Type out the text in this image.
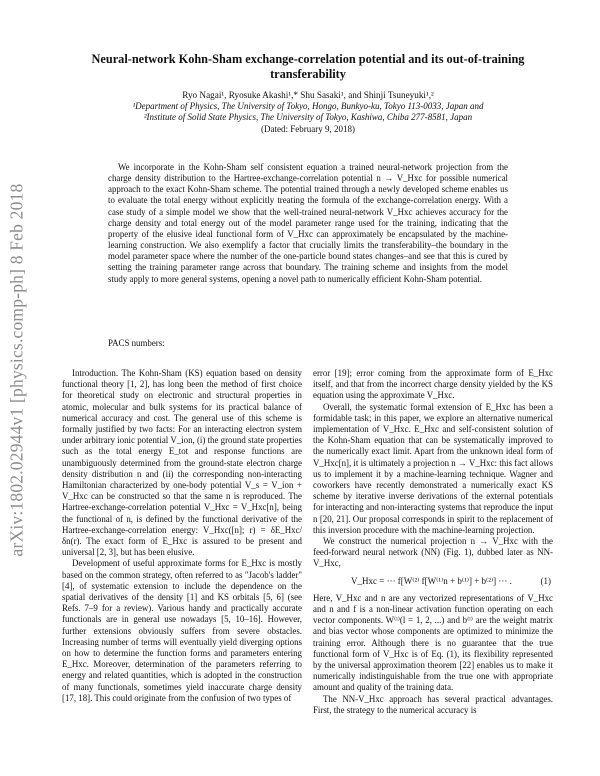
arXiv:1802.02944v1 [physics.comp-ph] 8 Feb 2018
Neural-network Kohn-Sham exchange-correlation potential and its out-of-training transferability
Ryo Nagai¹, Ryosuke Akashi¹,* Shu Sasaki¹, and Shinji Tsuneyuki¹,²
¹Department of Physics, The University of Tokyo, Hongo, Bunkyo-ku, Tokyo 113-0033, Japan and
²Institute of Solid State Physics, The University of Tokyo, Kashiwa, Chiba 277-8581, Japan
(Dated: February 9, 2018)
We incorporate in the Kohn-Sham self consistent equation a trained neural-network projection from the charge density distribution to the Hartree-exchange-correlation potential n → V_Hxc for possible numerical approach to the exact Kohn-Sham scheme. The potential trained through a newly developed scheme enables us to evaluate the total energy without explicitly treating the formula of the exchange-correlation energy. With a case study of a simple model we show that the well-trained neural-network V_Hxc achieves accuracy for the charge density and total energy out of the model parameter range used for the training, indicating that the property of the elusive ideal functional form of V_Hxc can approximately be encapsulated by the machine-learning construction. We also exemplify a factor that crucially limits the transferability–the boundary in the model parameter space where the number of the one-particle bound states changes–and see that this is cured by setting the training parameter range across that boundary. The training scheme and insights from the model study apply to more general systems, opening a novel path to numerically efficient Kohn-Sham potential.
PACS numbers:

Introduction. The Kohn-Sham (KS) equation based on density functional theory [1, 2], has long been the method of first choice for theoretical study on electronic and structural properties in atomic, molecular and bulk systems for its practical balance of numerical accuracy and cost. The general use of this scheme is formally justified by two facts: For an interacting electron system under arbitrary ionic potential V_ion, (i) the ground state properties such as the total energy E_tot and response functions are unambiguously determined from the ground-state electron charge density distribution n and (ii) the corresponding non-interacting Hamiltonian characterized by one-body potential V_s = V_ion + V_Hxc can be constructed so that the same n is reproduced. The Hartree-exchange-correlation potential V_Hxc = V_Hxc[n], being the functional of n, is defined by the functional derivative of the Hartree-exchange-correlation energy: V_Hxc([n]; r) = δE_Hxc/δn(r). The exact form of E_Hxc is assured to be present and universal [2, 3], but has been elusive.

Development of useful approximate forms for E_Hxc is mostly based on the common strategy, often referred to as "Jacob's ladder" [4], of systematic extension to include the dependence on the spatial derivatives of the density [1] and KS orbitals [5, 6] (see Refs. 7–9 for a review). Various handy and practically accurate functionals are in general use nowadays [5, 10–16]. However, further extensions obviously suffers from severe obstacles. Increasing number of terms will eventually yield diverging options on how to determine the function forms and parameters entering E_Hxc. Moreover, determination of the parameters referring to energy and related quantities, which is adopted in the construction of many functionals, sometimes yield inaccurate charge density [17, 18]. This could originate from the confusion of two types of

error [19]; error coming from the approximate form of E_Hxc itself, and that from the incorrect charge density yielded by the KS equation using the approximate V_Hxc.

Overall, the systematic formal extension of E_Hxc has been a formidable task; in this paper, we explore an alternative numerical implementation of V_Hxc. E_Hxc and self-consistent solution of the Kohn-Sham equation that can be systematically improved to the numerically exact limit. Apart from the unknown ideal form of V_Hxc[n], it is ultimately a projection n → V_Hxc: this fact allows us to implement it by a machine-learning technique. Wagner and coworkers have recently demonstrated a numerically exact KS scheme by iterative inverse derivations of the external potentials for interacting and non-interacting systems that reproduce the input n [20, 21]. Our proposal corresponds in spirit to the replacement of this inversion procedure with the machine-learning projection.

We construct the numerical projection n → V_Hxc with the feed-forward neural network (NN) (Fig. 1), dubbed later as NN-V_Hxc,

V_Hxc = ··· f[W⁽²⁾ f[W⁽¹⁾n + b⁽¹⁾] + b⁽²⁾] ··· .	(1)

Here, V_Hxc and n are any vectorized representations of V_Hxc and n and f is a non-linear activation function operating on each vector components. W⁽ˡ⁾(l = 1, 2, ...) and b⁽ˡ⁾ are the weight matrix and bias vector whose components are optimized to minimize the training error. Although there is no guarantee that the true functional form of V_Hxc is of Eq. (1), its flexibility represented by the universal approximation theorem [22] enables us to make it numerically indistinguishable from the true one with appropriate amount and quality of the training data.

The NN-V_Hxc approach has several practical advantages. First, the strategy to the numerical accuracy is
